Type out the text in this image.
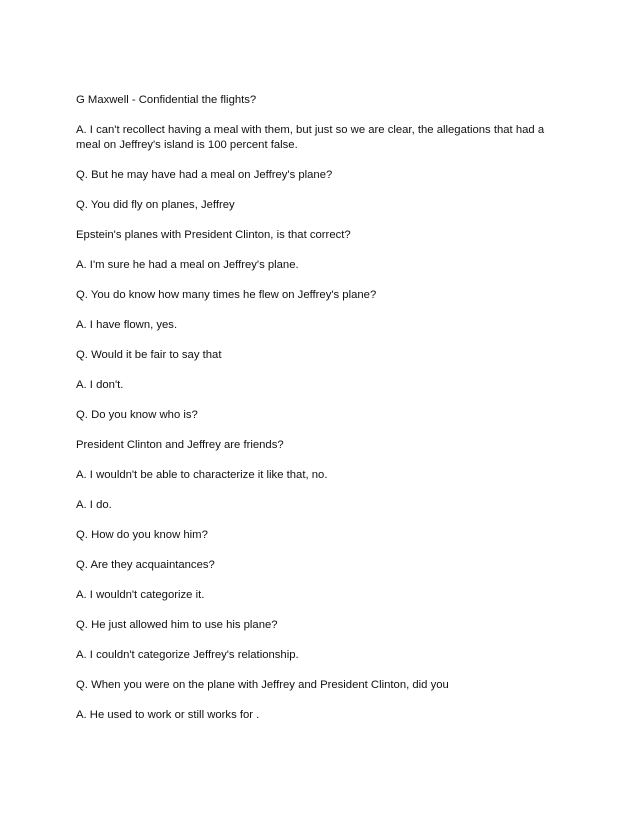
G Maxwell - Confidential the flights?

A. I can't recollect having a meal with them, but just so we are clear, the allegations that had a meal on Jeffrey's island is 100 percent false.

Q. But he may have had a meal on Jeffrey's plane?

Q. You did fly on planes, Jeffrey

Epstein's planes with President Clinton, is that correct?

A. I'm sure he had a meal on Jeffrey's plane.

Q. You do know how many times he flew on Jeffrey's plane?

A. I have flown, yes.

Q. Would it be fair to say that

A. I don't.

Q. Do you know who is?

President Clinton and Jeffrey are friends?

A. I wouldn't be able to characterize it like that, no.

A. I do.

Q. How do you know him?

Q. Are they acquaintances?

A. I wouldn't categorize it.

Q. He just allowed him to use his plane?

A. I couldn't categorize Jeffrey's relationship.

Q. When you were on the plane with Jeffrey and President Clinton, did you

A. He used to work or still works for .
